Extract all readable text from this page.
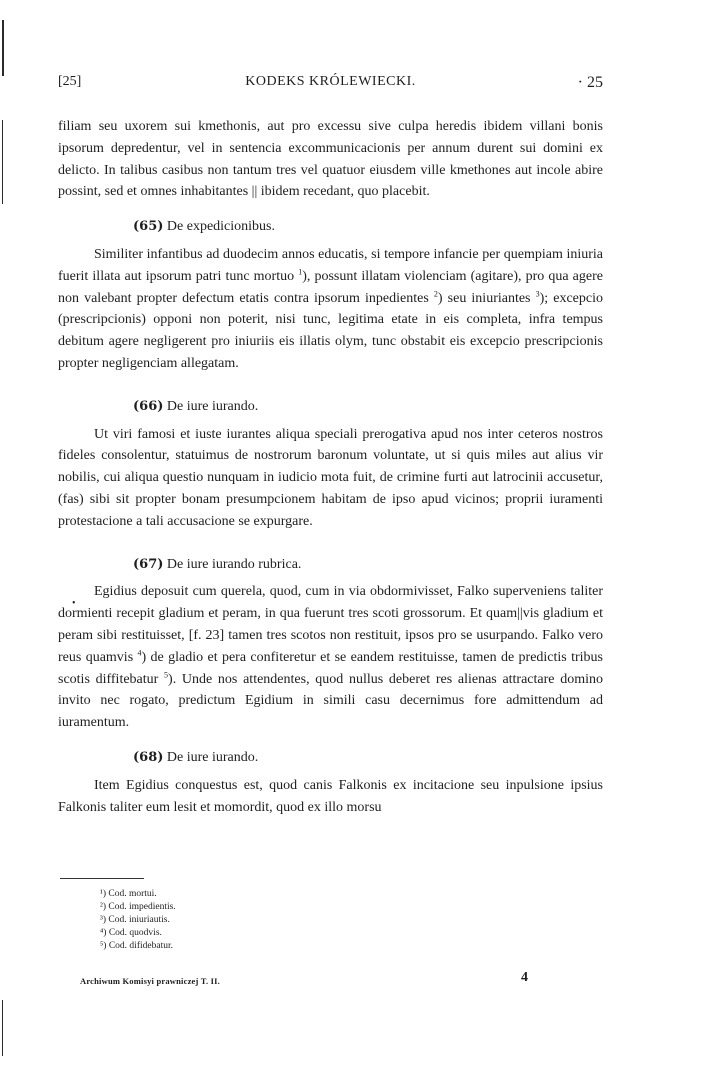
[25]	KODEKS KRÓLEWIECKI.	· 25

filiam seu uxorem sui kmethonis, aut pro excessu sive culpa heredis ibidem villani bonis ipsorum depredentur, vel in sentencia excommunicacionis per annum durent sui domini ex delicto. In talibus casibus non tantum tres vel quatuor eiusdem ville kmethones aut incole abire possint, sed et omnes inhabitantes || ibidem recedant, quo placebit.

(65) De expedicionibus.

Similiter infantibus ad duodecim annos educatis, si tempore infancie per quempiam iniuria fuerit illata aut ipsorum patri tunc mortuo $^1$), possunt illatam violenciam (agitare), pro qua agere non valebant propter defectum etatis contra ipsorum inpedientes $^2$) seu iniuriantes $^3$); excepcio (prescripcionis) opponi non poterit, nisi tunc, legitima etate in eis completa, infra tempus debitum agere negligerent pro iniuriis eis illatis olym, tunc obstabit eis excepcio prescripcionis propter negligenciam allegatam.

(66) De iure iurando.

Ut viri famosi et iuste iurantes aliqua speciali prerogativa apud nos inter ceteros nostros fideles consolentur, statuimus de nostrorum baronum voluntate, ut si quis miles aut alius vir nobilis, cui aliqua questio nunquam in iudicio mota fuit, de crimine furti aut latrocinii accusetur, (fas) sibi sit propter bonam presumpcionem habitam de ipso apud vicinos; proprii iuramenti protestacione a tali accusacione se expurgare.

(67) De iure iurando rubrica.

Egidius deposuit cum querela, quod, cum in via obdormivisset, Falko superveniens taliter dormienti recepit gladium et peram, in qua fuerunt tres scoti grossorum. Et quam||vis gladium et peram sibi restituisset, [f. 23] tamen tres scotos non restituit, ipsos pro se usurpando. Falko vero reus quamvis $^4$) de gladio et pera confiteretur et se eandem restituisse, tamen de predictis tribus scotis diffitebatur $^5$). Unde nos attendentes, quod nullus deberet res alienas attractare domino invito nec rogato, predictum Egidium in simili casu decernimus fore admittendum ad iuramentum.

(68) De iure iurando.

Item Egidius conquestus est, quod canis Falkonis ex incitacione seu inpulsione ipsius Falkonis taliter eum lesit et momordit, quod ex illo morsu

•
¹) Cod. mortui.
²) Cod. impedientis.
³) Cod. iniuriautis.
⁴) Cod. quodvis.
⁵) Cod. difidebatur.
Archiwum Komisyi prawniczej T. II.	4
